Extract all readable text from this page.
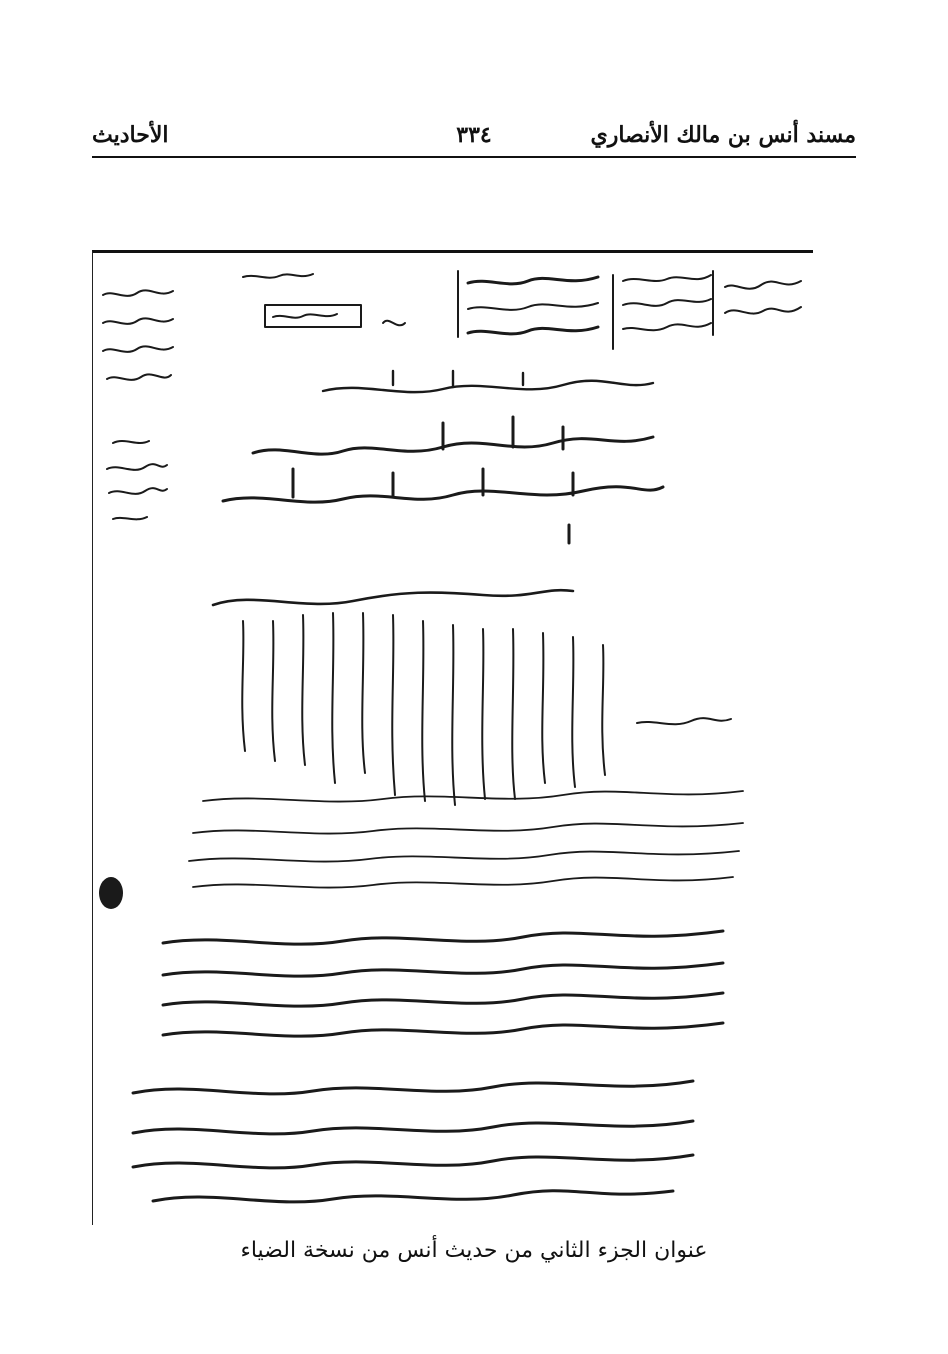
مسند أنس بن مالك الأنصاري
٣٣٤
الأحاديث
عنوان الجزء الثاني من حديث أنس من نسخة الضياء
